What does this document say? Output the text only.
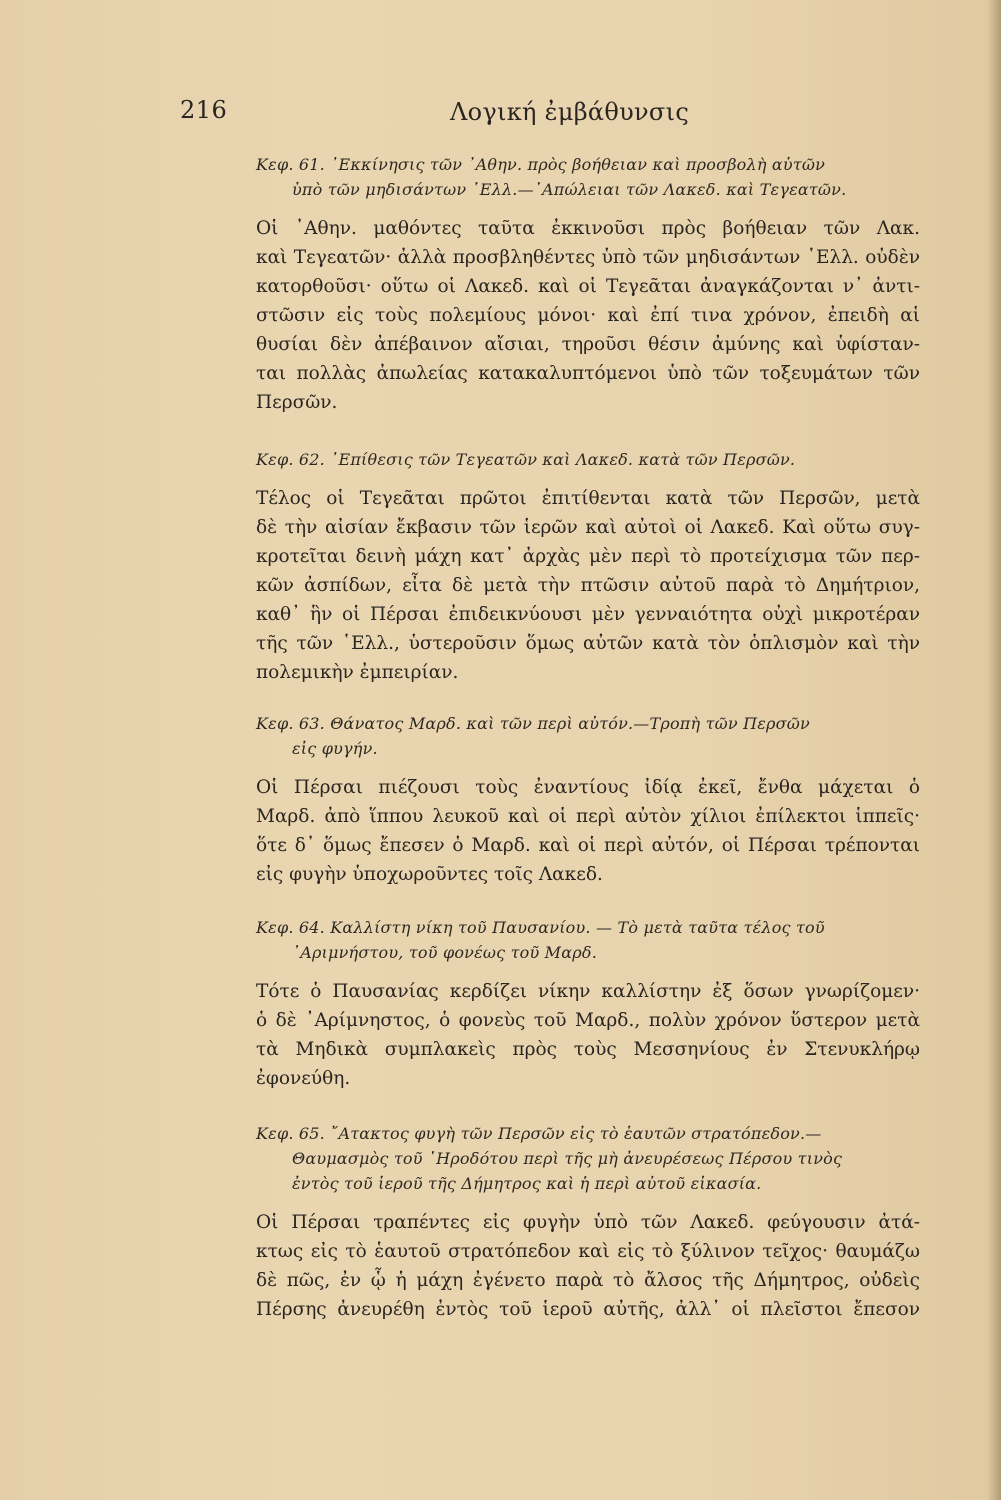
216	Λογική ἐμβάθυνσις
Κεφ. 61. ᾿Εκκίνησις τῶν ᾿Αθην. πρὸς βοήθειαν καὶ προσβολὴ αὐτῶν
ὑπὸ τῶν μηδισάντων ῾Ελλ.—᾿Απώλειαι τῶν Λακεδ. καὶ Τεγεατῶν.
Οἱ ᾿Αθην. μαθόντες ταῦτα ἐκκινοῦσι πρὸς βοήθειαν τῶν Λακ.
καὶ Τεγεατῶν· ἀλλὰ προσβληθέντες ὑπὸ τῶν μηδισάντων ῾Ελλ. οὐδὲν
κατορθοῦσι· οὕτω οἱ Λακεδ. καὶ οἱ Τεγεᾶται ἀναγκάζονται ν᾿ ἀντι-
στῶσιν εἰς τοὺς πολεμίους μόνοι· καὶ ἐπί τινα χρόνον, ἐπειδὴ αἱ
θυσίαι δὲν ἀπέβαινον αἴσιαι, τηροῦσι θέσιν ἀμύνης καὶ ὑφίσταν-
ται πολλὰς ἀπωλείας κατακαλυπτόμενοι ὑπὸ τῶν τοξευμάτων τῶν
Περσῶν.
Κεφ. 62. ᾿Επίθεσις τῶν Τεγεατῶν καὶ Λακεδ. κατὰ τῶν Περσῶν.
Τέλος οἱ Τεγεᾶται πρῶτοι ἐπιτίθενται κατὰ τῶν Περσῶν, μετὰ
δὲ τὴν αἰσίαν ἔκβασιν τῶν ἱερῶν καὶ αὐτοὶ οἱ Λακεδ. Καὶ οὕτω συγ-
κροτεῖται δεινὴ μάχη κατ᾿ ἀρχὰς μὲν περὶ τὸ προτείχισμα τῶν περ-
κῶν ἀσπίδων, εἶτα δὲ μετὰ τὴν πτῶσιν αὐτοῦ παρὰ τὸ Δημήτριον,
καθ᾿ ἣν οἱ Πέρσαι ἐπιδεικνύουσι μὲν γενναιότητα οὐχὶ μικροτέραν
τῆς τῶν ῾Ελλ., ὑστεροῦσιν ὅμως αὐτῶν κατὰ τὸν ὁπλισμὸν καὶ τὴν
πολεμικὴν ἐμπειρίαν.
Κεφ. 63. Θάνατος Μαρδ. καὶ τῶν περὶ αὐτόν.—Τροπὴ τῶν Περσῶν
εἰς φυγήν.
Οἱ Πέρσαι πιέζουσι τοὺς ἐναντίους ἰδίᾳ ἐκεῖ, ἔνθα μάχεται ὁ
Μαρδ. ἀπὸ ἵππου λευκοῦ καὶ οἱ περὶ αὐτὸν χίλιοι ἐπίλεκτοι ἱππεῖς·
ὅτε δ᾿ ὅμως ἔπεσεν ὁ Μαρδ. καὶ οἱ περὶ αὐτόν, οἱ Πέρσαι τρέπονται
εἰς φυγὴν ὑποχωροῦντες τοῖς Λακεδ.
Κεφ. 64. Καλλίστη νίκη τοῦ Παυσανίου. — Τὸ μετὰ ταῦτα τέλος τοῦ
᾿Αριμνήστου, τοῦ φονέως τοῦ Μαρδ.
Τότε ὁ Παυσανίας κερδίζει νίκην καλλίστην ἐξ ὅσων γνωρίζομεν·
ὁ δὲ ᾿Αρίμνηστος, ὁ φονεὺς τοῦ Μαρδ., πολὺν χρόνον ὕστερον μετὰ
τὰ Μηδικὰ συμπλακεὶς πρὸς τοὺς Μεσσηνίους ἐν Στενυκλήρῳ
ἐφονεύθη.
Κεφ. 65. ῎Ατακτος φυγὴ τῶν Περσῶν εἰς τὸ ἑαυτῶν στρατόπεδον.—
Θαυμασμὸς τοῦ ῾Ηροδότου περὶ τῆς μὴ ἀνευρέσεως Πέρσου τινὸς
ἐντὸς τοῦ ἱεροῦ τῆς Δήμητρος καὶ ἡ περὶ αὐτοῦ εἰκασία.
Οἱ Πέρσαι τραπέντες εἰς φυγὴν ὑπὸ τῶν Λακεδ. φεύγουσιν ἀτά-
κτως εἰς τὸ ἑαυτοῦ στρατόπεδον καὶ εἰς τὸ ξύλινον τεῖχος· θαυμάζω
δὲ πῶς, ἐν ᾧ ἡ μάχη ἐγένετο παρὰ τὸ ἄλσος τῆς Δήμητρος, οὐδεὶς
Πέρσης ἀνευρέθη ἐντὸς τοῦ ἱεροῦ αὐτῆς, ἀλλ᾿ οἱ πλεῖστοι ἔπεσον
